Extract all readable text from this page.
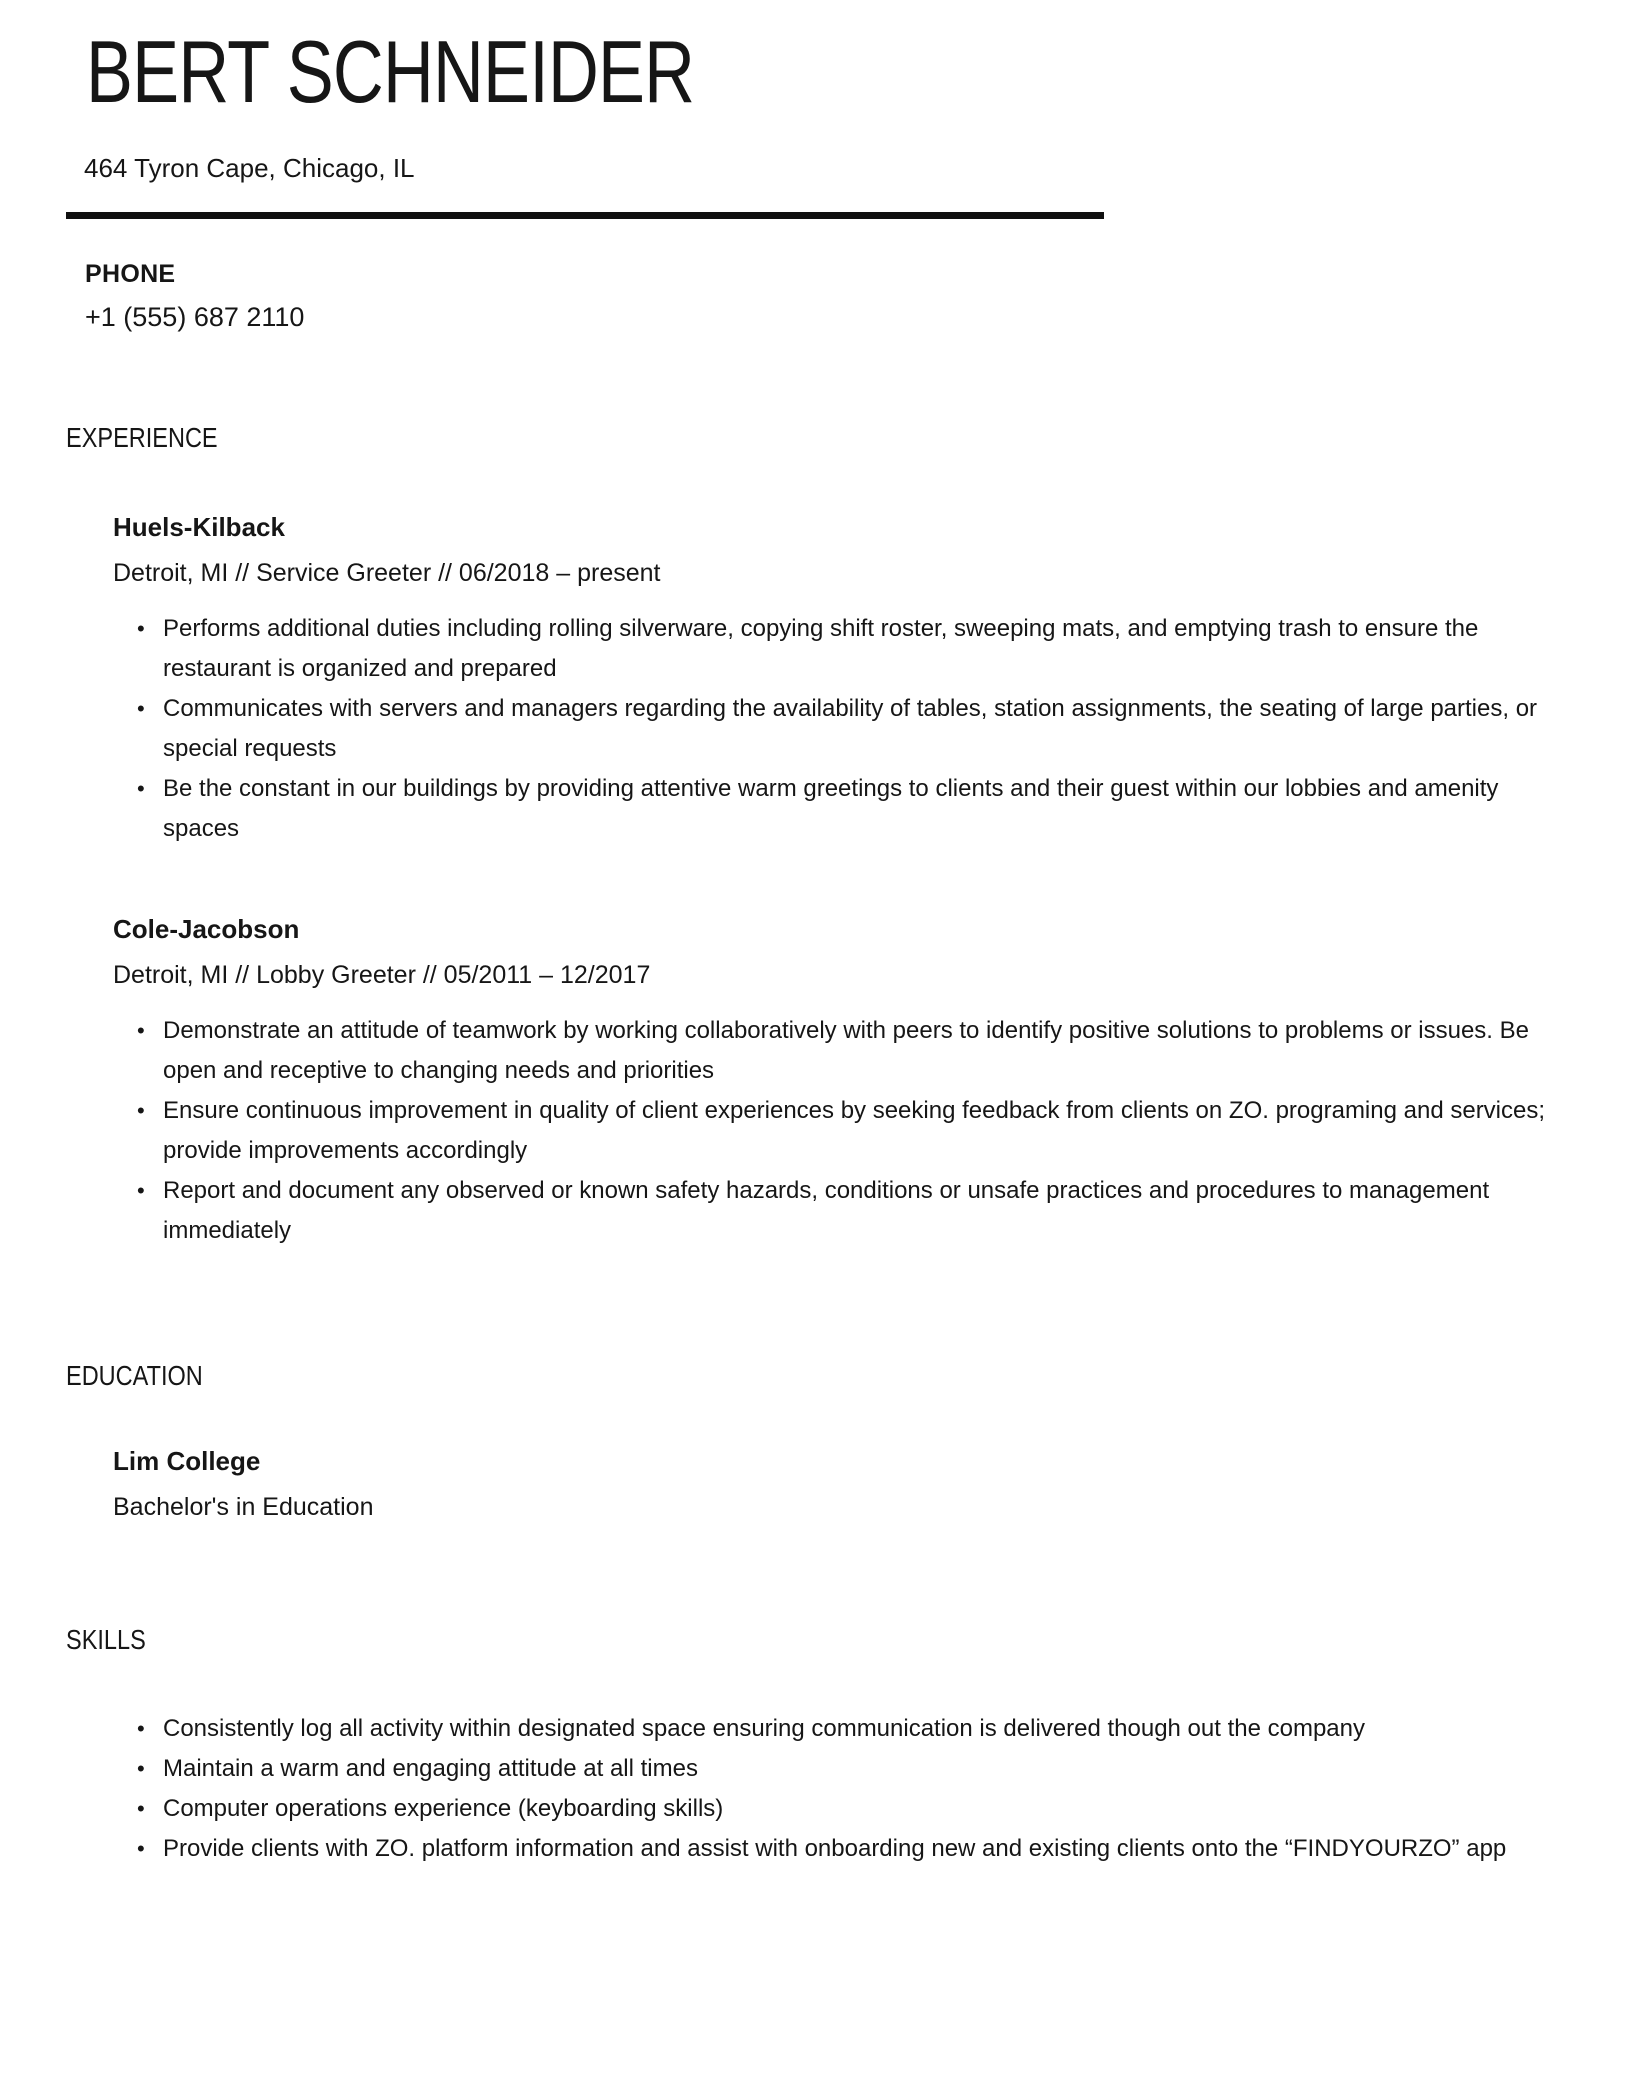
BERT SCHNEIDER

464 Tyron Cape, Chicago, IL

PHONE

+1 (555) 687 2110

EXPERIENCE
Huels-Kilback

Detroit, MI // Service Greeter // 06/2018 – present

• Performs additional duties including rolling silverware, copying shift roster, sweeping mats, and emptying trash to ensure the restaurant is organized and prepared
• Communicates with servers and managers regarding the availability of tables, station assignments, the seating of large parties, or special requests
• Be the constant in our buildings by providing attentive warm greetings to clients and their guest within our lobbies and amenity spaces
Cole-Jacobson

Detroit, MI // Lobby Greeter // 05/2011 – 12/2017

• Demonstrate an attitude of teamwork by working collaboratively with peers to identify positive solutions to problems or issues. Be open and receptive to changing needs and priorities
• Ensure continuous improvement in quality of client experiences by seeking feedback from clients on ZO. programing and services; provide improvements accordingly
• Report and document any observed or known safety hazards, conditions or unsafe practices and procedures to management immediately
EDUCATION
Lim College

Bachelor's in Education

SKILLS
• Consistently log all activity within designated space ensuring communication is delivered though out the company
• Maintain a warm and engaging attitude at all times
• Computer operations experience (keyboarding skills)
• Provide clients with ZO. platform information and assist with onboarding new and existing clients onto the “FINDYOURZO” app
